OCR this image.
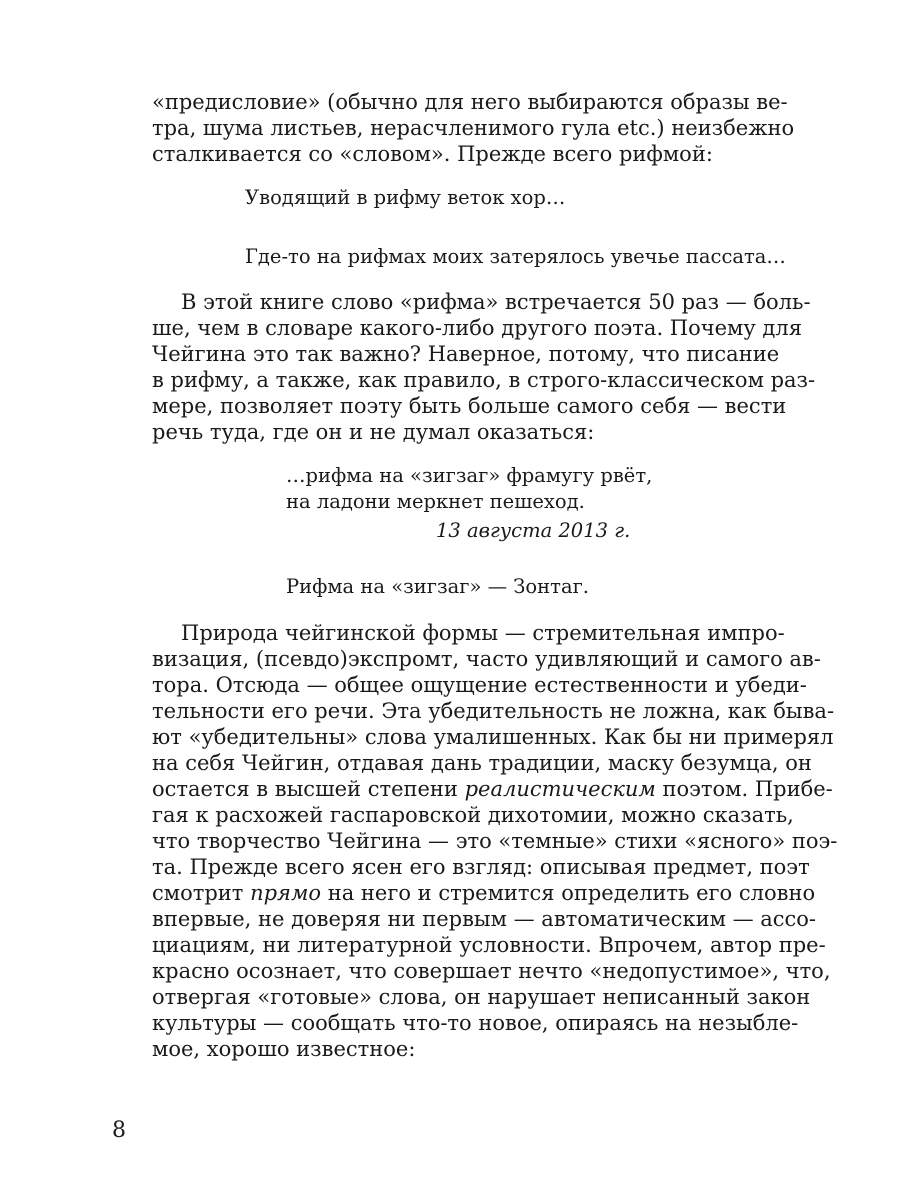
«предисловие» (обычно для него выбираются образы ве-
тра, шума листьев, нерасчленимого гула etc.) неизбежно
сталкивается со «словом». Прежде всего рифмой:
Уводящий в рифму веток хор…
Где-то на рифмах моих затерялось увечье пассата…
В этой книге слово «рифма» встречается 50 раз — боль-
ше, чем в словаре какого-либо другого поэта. Почему для
Чейгина это так важно? Наверное, потому, что писание
в рифму, а также, как правило, в строго-классическом раз-
мере, позволяет поэту быть больше самого себя — вести
речь туда, где он и не думал оказаться:
…рифма на «зигзаг» фрамугу рвёт,
на ладони меркнет пешеход.
13 августа 2013 г.
Рифма на «зигзаг» — Зонтаг.
Природа чейгинской формы — стремительная импро-
визация, (псевдо)экспромт, часто удивляющий и самого ав-
тора. Отсюда — общее ощущение естественности и убеди-
тельности его речи. Эта убедительность не ложна, как быва-
ют «убедительны» слова умалишенных. Как бы ни примерял
на себя Чейгин, отдавая дань традиции, маску безумца, он
остается в высшей степени реалистическим поэтом. Прибе-
гая к расхожей гаспаровской дихотомии, можно сказать,
что творчество Чейгина — это «темные» стихи «ясного» поэ-
та. Прежде всего ясен его взгляд: описывая предмет, поэт
смотрит прямо на него и стремится определить его словно
впервые, не доверяя ни первым — автоматическим — ассо-
циациям, ни литературной условности. Впрочем, автор пре-
красно осознает, что совершает нечто «недопустимое», что,
отвергая «готовые» слова, он нарушает неписанный закон
культуры — сообщать что-то новое, опираясь на незыбле-
мое, хорошо известное:
8
